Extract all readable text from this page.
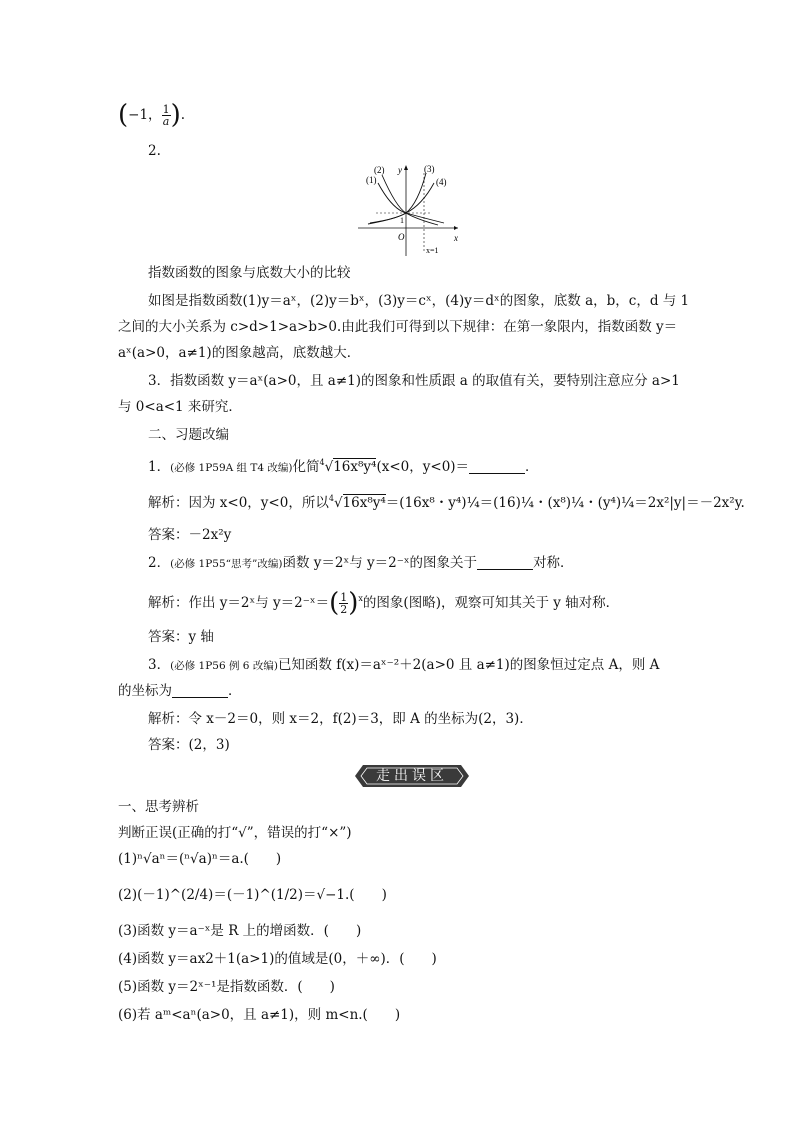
(−1， $\frac{1}{a}$ ).
2.
(1)
(2)	(3)
(4)
y
x
O
1
x=1
指数函数的图象与底数大小的比较
如图是指数函数(1)y＝aˣ，(2)y＝bˣ，(3)y＝cˣ，(4)y＝dˣ的图象，底数 a，b，c，d 与 1
之间的大小关系为 c>d>1>a>b>0.由此我们可得到以下规律：在第一象限内，指数函数 y＝
aˣ(a>0，a≠1)的图象越高，底数越大．
3．指数函数 y＝aˣ(a>0，且 a≠1)的图象和性质跟 a 的取值有关，要特别注意应分 a>1
与 0<a<1 来研究．
二、习题改编
1．(必修 1P59A 组 T4 改编)化简$^4$√16x⁸y⁴(x<0，y<0)＝	．
解析：因为 x<0，y<0，所以$^4$√16x⁸y⁴＝(16x⁸・y⁴)¼＝(16)¼・(x⁸)¼・(y⁴)¼＝2x²|y|＝－2x²y.
答案：－2x²y
2．(必修 1P55“思考”改编)函数 y＝2ˣ与 y＝2⁻ˣ的图象关于	对称．
解析：作出 y＝2ˣ与 y＝2⁻ˣ＝( $\frac{1}{2} )^x$的图象(图略)，观察可知其关于 y 轴对称．
答案：y 轴
3．(必修 1P56 例 6 改编)已知函数 f(x)＝aˣ⁻²＋2(a>0 且 a≠1)的图象恒过定点 A，则 A
的坐标为	．
解析：令 x－2＝0，则 x＝2，f(2)＝3，即 A 的坐标为(2，3)．
答案：(2，3)
走出误区
一、思考辨析
判断正误(正确的打“√”，错误的打“×”)
(1)ⁿ√aⁿ＝(ⁿ√a)ⁿ＝a.(　　)
(2)(－1)^(2/4)＝(－1)^(1/2)＝√−1.(　　)
(3)函数 y＝a⁻ˣ是 R 上的增函数．(　　)
(4)函数 y＝ax2＋1(a>1)的值域是(0，＋∞)．(　　)
(5)函数 y＝2ˣ⁻¹是指数函数．(　　)
(6)若 aᵐ<aⁿ(a>0，且 a≠1)，则 m<n.(　　)
